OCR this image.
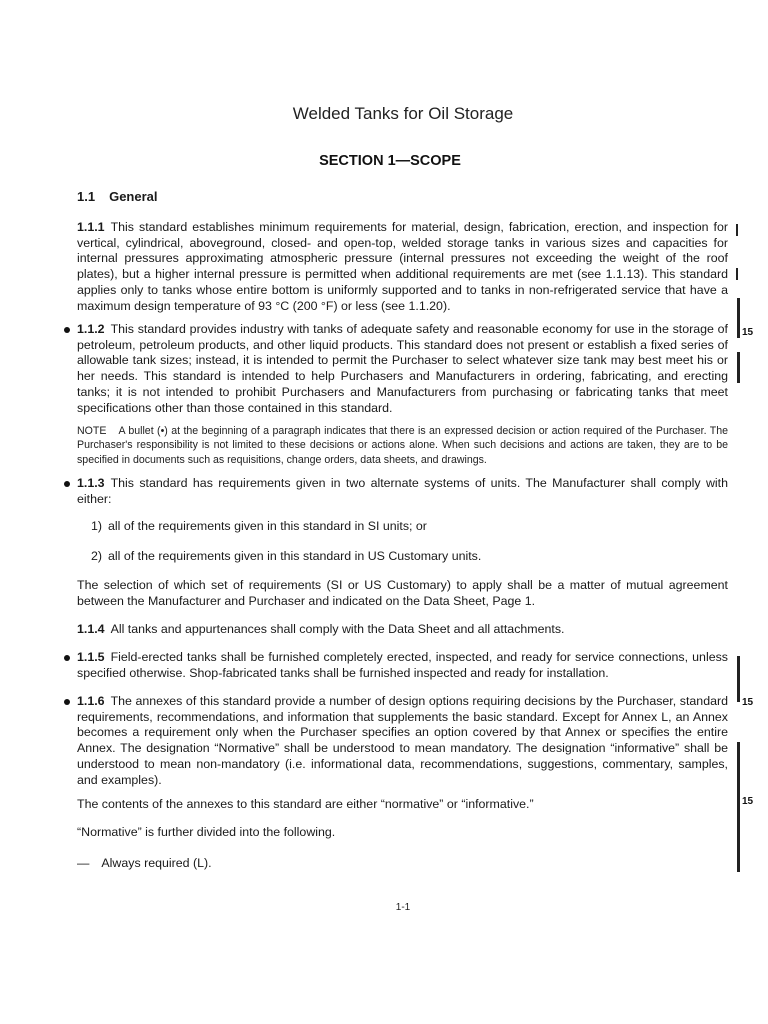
Welded Tanks for Oil Storage
SECTION 1—SCOPE
1.1 General
1.1.1 This standard establishes minimum requirements for material, design, fabrication, erection, and inspection for vertical, cylindrical, aboveground, closed- and open-top, welded storage tanks in various sizes and capacities for internal pressures approximating atmospheric pressure (internal pressures not exceeding the weight of the roof plates), but a higher internal pressure is permitted when additional requirements are met (see 1.1.13). This standard applies only to tanks whose entire bottom is uniformly supported and to tanks in non-refrigerated service that have a maximum design temperature of 93 °C (200 °F) or less (see 1.1.20).
1.1.2 This standard provides industry with tanks of adequate safety and reasonable economy for use in the storage of petroleum, petroleum products, and other liquid products. This standard does not present or establish a fixed series of allowable tank sizes; instead, it is intended to permit the Purchaser to select whatever size tank may best meet his or her needs. This standard is intended to help Purchasers and Manufacturers in ordering, fabricating, and erecting tanks; it is not intended to prohibit Purchasers and Manufacturers from purchasing or fabricating tanks that meet specifications other than those contained in this standard.
NOTE A bullet (•) at the beginning of a paragraph indicates that there is an expressed decision or action required of the Purchaser. The Purchaser's responsibility is not limited to these decisions or actions alone. When such decisions and actions are taken, they are to be specified in documents such as requisitions, change orders, data sheets, and drawings.
1.1.3 This standard has requirements given in two alternate systems of units. The Manufacturer shall comply with either:
1) all of the requirements given in this standard in SI units; or
2) all of the requirements given in this standard in US Customary units.
The selection of which set of requirements (SI or US Customary) to apply shall be a matter of mutual agreement between the Manufacturer and Purchaser and indicated on the Data Sheet, Page 1.
1.1.4 All tanks and appurtenances shall comply with the Data Sheet and all attachments.
1.1.5 Field-erected tanks shall be furnished completely erected, inspected, and ready for service connections, unless specified otherwise. Shop-fabricated tanks shall be furnished inspected and ready for installation.
1.1.6 The annexes of this standard provide a number of design options requiring decisions by the Purchaser, standard requirements, recommendations, and information that supplements the basic standard. Except for Annex L, an Annex becomes a requirement only when the Purchaser specifies an option covered by that Annex or specifies the entire Annex. The designation “Normative” shall be understood to mean mandatory. The designation “informative” shall be understood to mean non-mandatory (i.e. informational data, recommendations, suggestions, commentary, samples, and examples).
The contents of the annexes to this standard are either “normative” or “informative.”
“Normative” is further divided into the following.
— Always required (L).
15
15
15
1-1
